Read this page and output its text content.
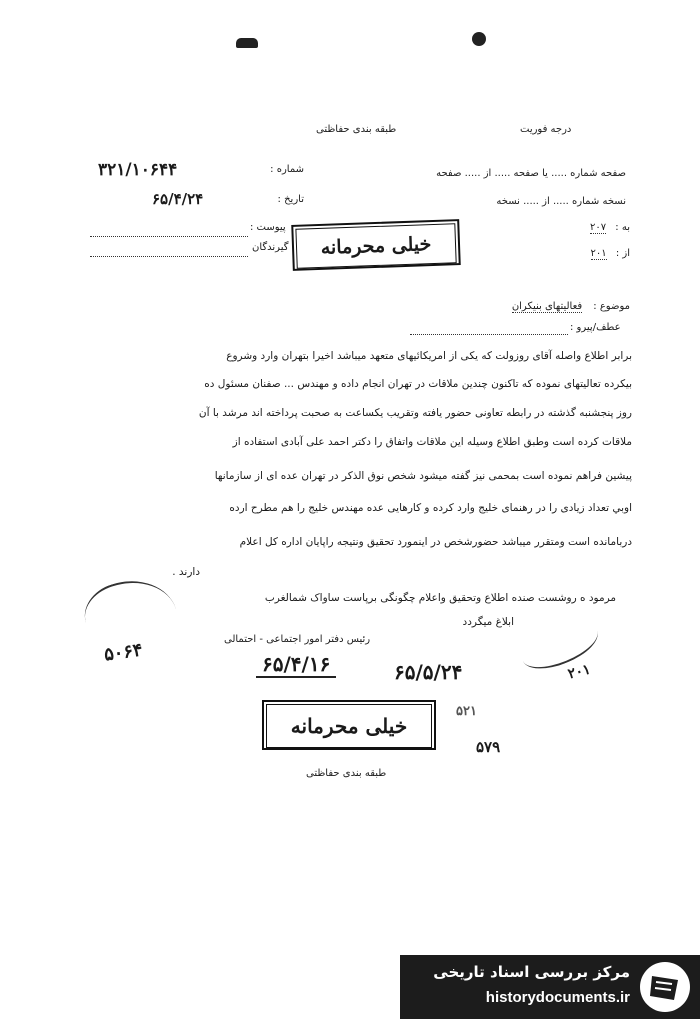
طبقه بندی حفاظتی	درجه فوریت
شماره :
۳۲۱/۱۰۶۴۴
تاریخ :
۶۵/۴/۲۴
پیوست :
گیرندگان
صفحه شماره ..... یا صفحه ..... از ..... صفحه
نسخه شماره ..... از ..... نسخه
به : ۲۰۷
از : ۲۰۱
خیلی محرمانه
موضوع : فعالیتهای بنیکران
عطف/پیرو :
برابر اطلاع واصله آقای روزولت که یکی از امریکائیهای متعهد میباشد اخیرا بتهران وارد وشروع
بیکرده تعالیتهای نموده که تاکنون چندین ملاقات در تهران انجام داده و مهندس ... صفنان مسئول ده
روز پنجشنبه گذشته در رابطه تعاونی حضور یافته وتقریب یکساعت به صحبت پرداخته اند مرشد با آن
ملاقات کرده است وطبق اطلاع وسیله این ملاقات واتفاق را دکتر احمد علی آبادی استفاده از
پیشین فراهم نموده است بمحمی نیز گفته میشود شخص نوق الذکر در تهران عده ای از سازمانها
اوبي تعداد زیادی را در رهنمای خلیج وارد کرده و کارهایی عده مهندس خلیج را هم مطرح ارده
دربامانده است ومتقرر میباشد حضورشخص در اینمورد تحقیق ونتیجه راپایان اداره کل اعلام
دارند .
مرمود ه روشست صنده اطلاع وتحقیق واعلام چگونگی برپاست ساواک شمالغرب
ابلاغ میگردد
۵۰۶۴
۲۰۱
رئیس دفتر امور اجتماعی - احتمالی
۶۵/۴/۱۶	۶۵/۵/۲۴
خیلی محرمانه
۵۲۱
۵۷۹
طبقه بندی حفاظتی
مرکز بررسی اسناد تاریخی
historydocuments.ir
